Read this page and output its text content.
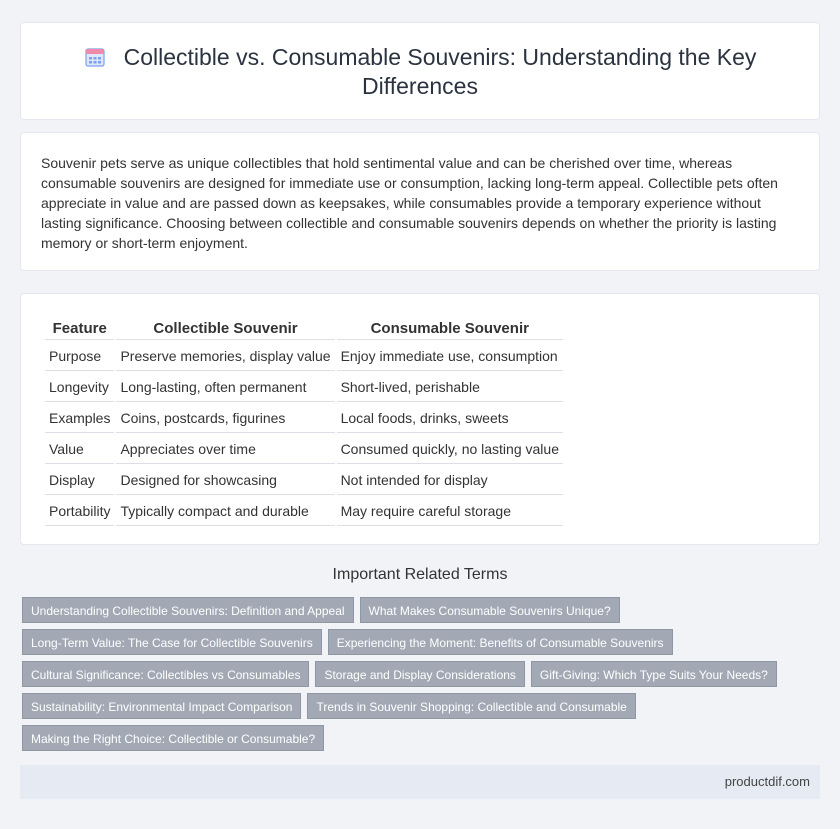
Collectible vs. Consumable Souvenirs: Understanding the Key Differences

Souvenir pets serve as unique collectibles that hold sentimental value and can be cherished over time, whereas consumable souvenirs are designed for immediate use or consumption, lacking long-term appeal. Collectible pets often appreciate in value and are passed down as keepsakes, while consumables provide a temporary experience without lasting significance. Choosing between collectible and consumable souvenirs depends on whether the priority is lasting memory or short-term enjoyment.

Feature	Collectible Souvenir	Consumable Souvenir
Purpose	Preserve memories, display value	Enjoy immediate use, consumption
Longevity	Long-lasting, often permanent	Short-lived, perishable
Examples	Coins, postcards, figurines	Local foods, drinks, sweets
Value	Appreciates over time	Consumed quickly, no lasting value
Display	Designed for showcasing	Not intended for display
Portability	Typically compact and durable	May require careful storage
Important Related Terms
Understanding Collectible Souvenirs: Definition and Appeal What Makes Consumable Souvenirs Unique?
Long-Term Value: The Case for Collectible Souvenirs Experiencing the Moment: Benefits of Consumable Souvenirs
Cultural Significance: Collectibles vs Consumables Storage and Display Considerations Gift-Giving: Which Type Suits Your Needs?
Sustainability: Environmental Impact Comparison Trends in Souvenir Shopping: Collectible and Consumable
Making the Right Choice: Collectible or Consumable?
productdif.com
